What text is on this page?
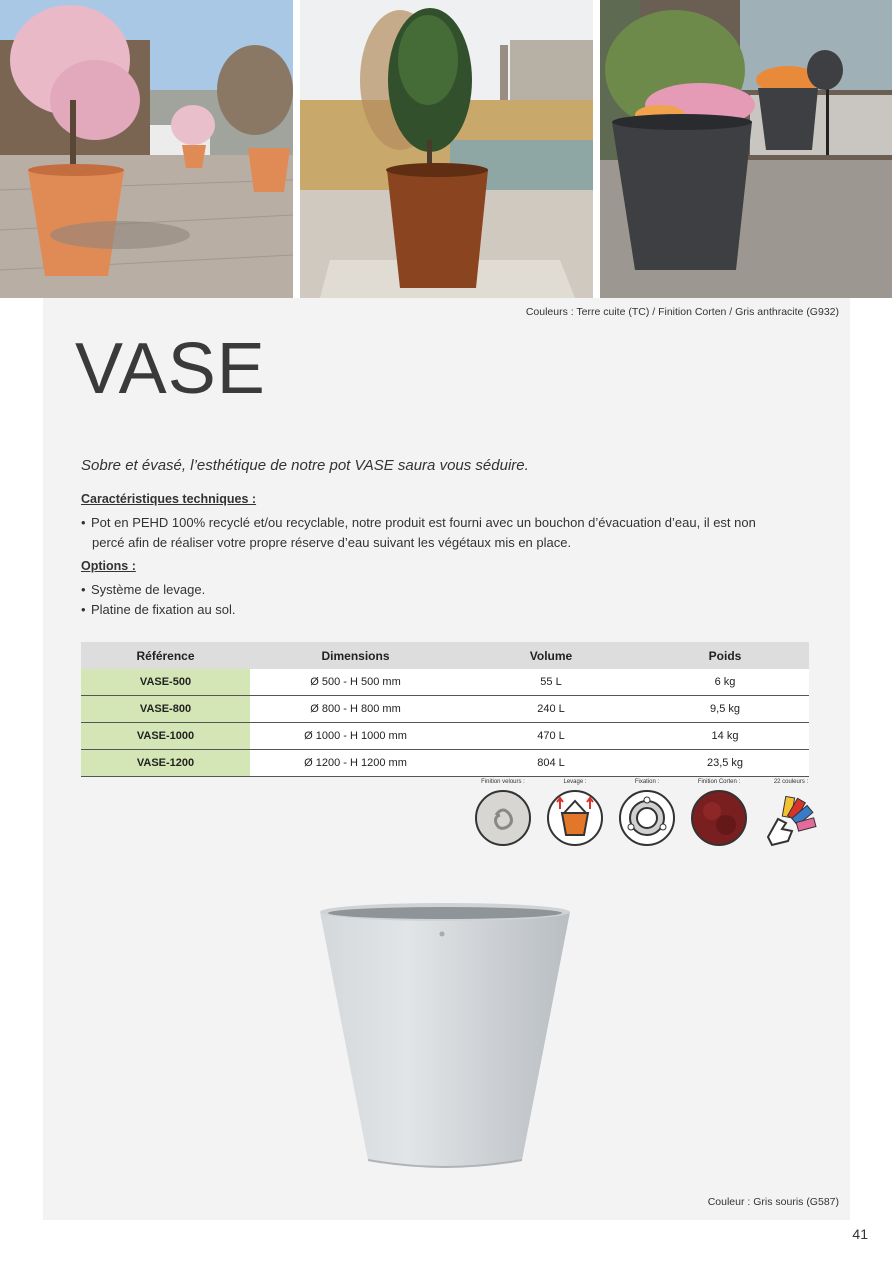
Couleurs : Terre cuite (TC) / Finition Corten / Gris anthracite (G932)
VASE
Sobre et évasé, l’esthétique de notre pot VASE saura vous séduire.
Caractéristiques techniques :
• Pot en PEHD 100% recyclé et/ou recyclable, notre produit est fourni avec un bouchon d’évacuation d’eau, il est non
percé afin de réaliser votre propre réserve d’eau suivant les végétaux mis en place.
Options :
• Système de levage.
• Platine de fixation au sol.
Référence	Dimensions	Volume	Poids
VASE-500	Ø 500 - H 500 mm	55 L	6 kg
VASE-800	Ø 800 - H 800 mm	240 L	9,5 kg
VASE-1000	Ø 1000 - H 1000 mm	470 L	14 kg
VASE-1200	Ø 1200 - H 1200 mm	804 L	23,5 kg
Finition velours :	Levage :	Fixation :	Finition Corten :	22 couleurs :
Couleur : Gris souris (G587)
41
